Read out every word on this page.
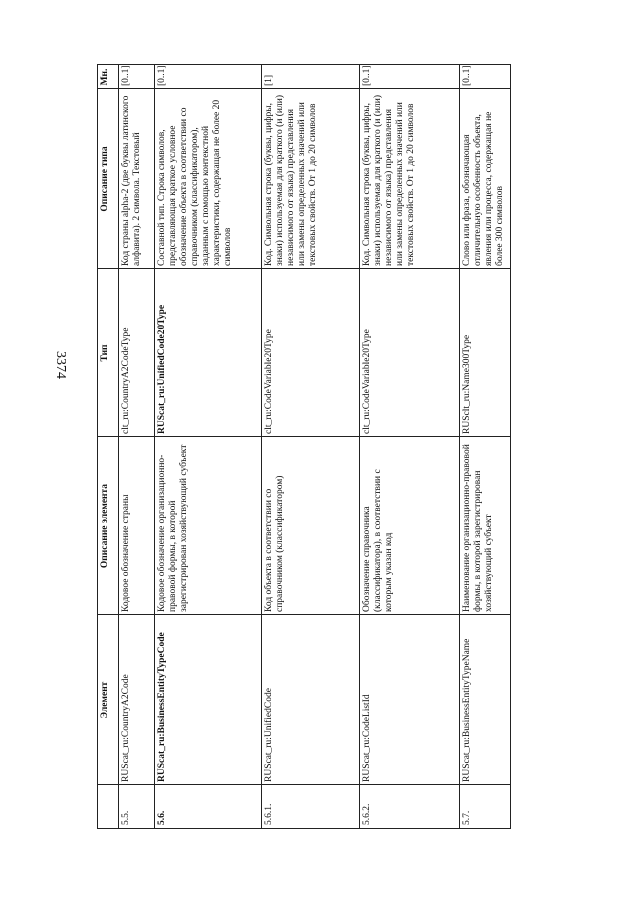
3374
Мн.
Описание типа
Тип
Описание элемента
Элемент
[0..1]
Код страны alpha-2 (две буквы латинского алфавита). 2 символа. Текстовый
clt_ru:CountryA2CodeType
Кодовое обозначение страны
RUScat_ru:CountryA2Code
5.5.
[0..1]
Составной тип. Строка символов, представляющая краткое условное обозначение объекта в соответствии со справочником (классификатором), заданным с помощью контекстной характеристики, содержащая не более 20 символов
RUScat_ru:UnifiedCode20Type
Кодовое обозначение организационно-правовой формы, в которой зарегистрирован хозяйствующий субъект
RUScat_ru:BusinessEntityTypeCode
5.6.
[1]
Код. Символьная строка (буквы, цифры, знаки) используемая для краткого (и (или) независимого от языка) представления или замены определенных значений или текстовых свойств. От 1 до 20 символов
clt_ru:CodeVariable20Type
Код объекта в соответствии со справочником (классификатором)
RUScat_ru:UnifiedCode
5.6.1.
[0..1]
Код. Символьная строка (буквы, цифры, знаки) используемая для краткого (и (или) независимого от языка) представления или замены определенных значений или текстовых свойств. От 1 до 20 символов
clt_ru:CodeVariable20Type
Обозначение справочника (классификатора), в соответствии с которым указан код
RUScat_ru:CodeListId
5.6.2.
[0..1]
Слово или фраза, обозначающая отличительную особенность объекта, явления или процесса, содержащая не более 300 символов
RUSclt_ru:Name300Type
Наименование организационно-правовой формы, в которой зарегистрирован хозяйствующий субъект
RUScat_ru:BusinessEntityTypeName
5.7.
